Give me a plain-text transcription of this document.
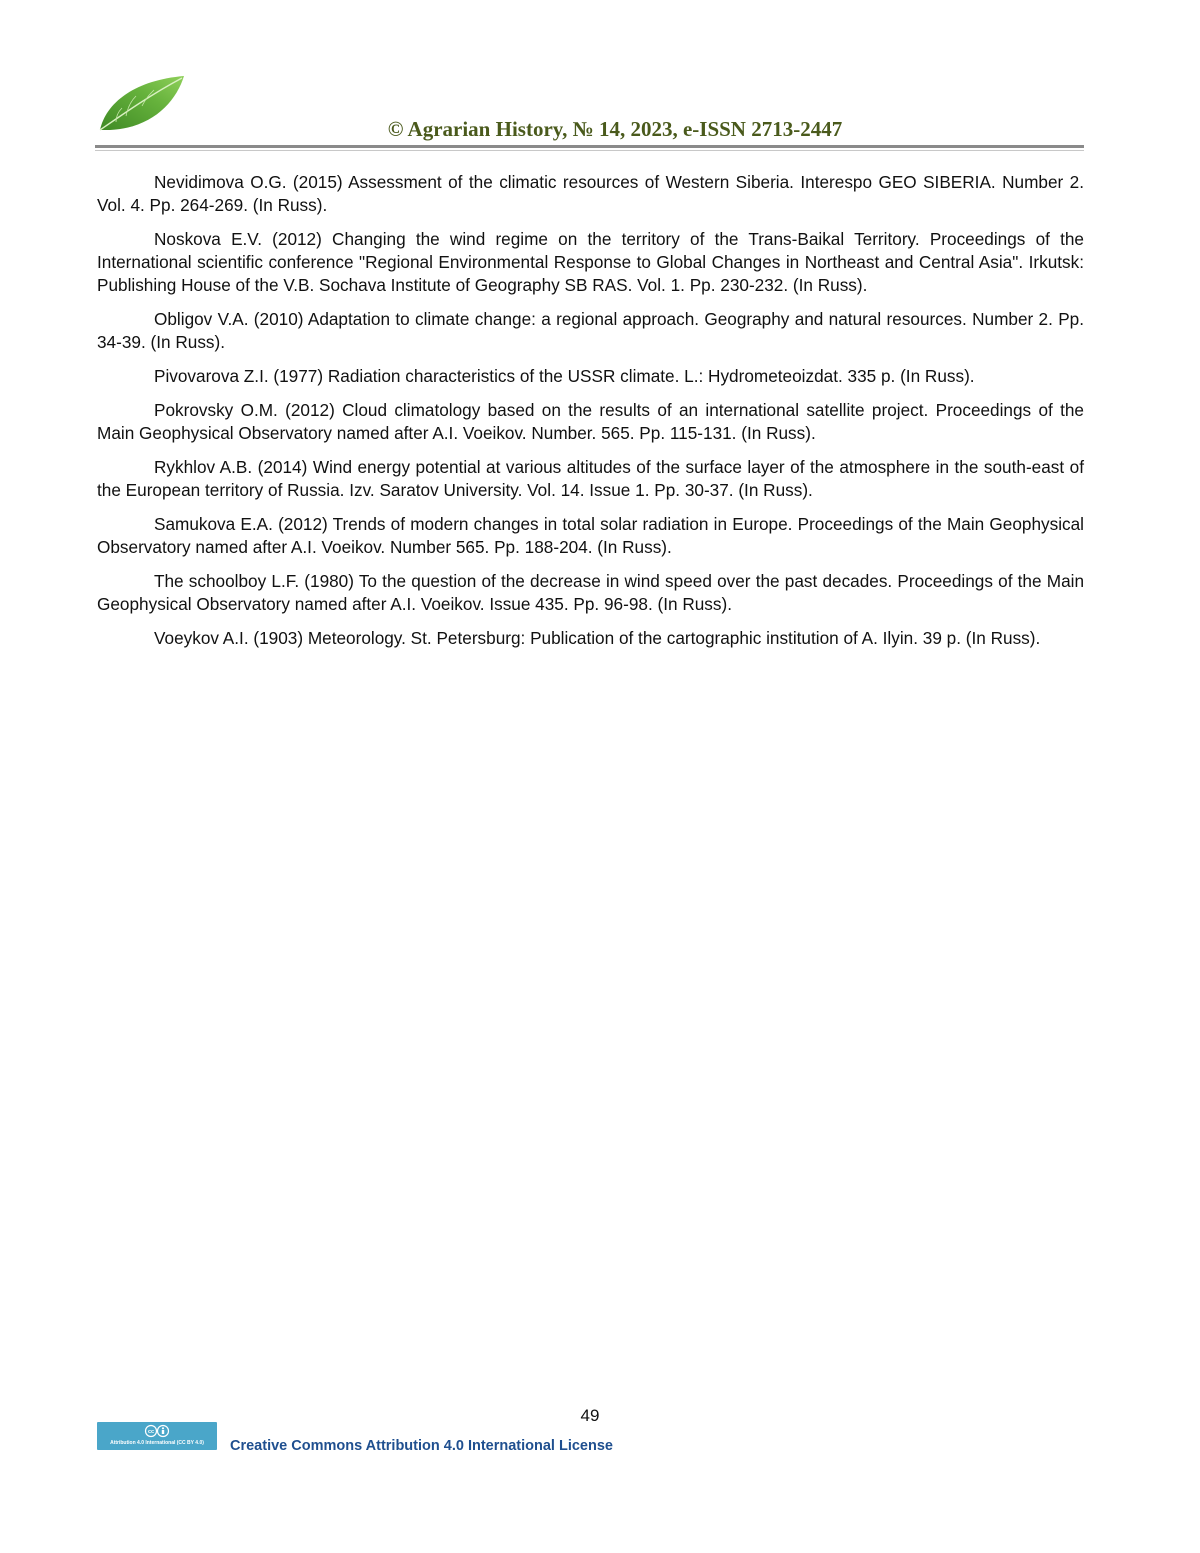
© Agrarian History, № 14, 2023, e-ISSN 2713-2447

Nevidimova O.G. (2015) Assessment of the climatic resources of Western Siberia. Interespo GEO SIBERIA. Number 2. Vol. 4. Pp. 264-269. (In Russ).

Noskova E.V. (2012) Changing the wind regime on the territory of the Trans-Baikal Territory. Proceedings of the International scientific conference "Regional Environmental Response to Global Changes in Northeast and Central Asia". Irkutsk: Publishing House of the V.B. Sochava Institute of Geography SB RAS. Vol. 1. Pp. 230-232. (In Russ).

Obligov V.A. (2010) Adaptation to climate change: a regional approach. Geography and natural resources. Number 2. Pp. 34-39. (In Russ).

Pivovarova Z.I. (1977) Radiation characteristics of the USSR climate. L.: Hydrometeoizdat. 335 p. (In Russ).

Pokrovsky O.M. (2012) Cloud climatology based on the results of an international satellite project. Proceedings of the Main Geophysical Observatory named after A.I. Voeikov. Number. 565. Pp. 115-131. (In Russ).

Rykhlov A.B. (2014) Wind energy potential at various altitudes of the surface layer of the atmosphere in the south-east of the European territory of Russia. Izv. Saratov University. Vol. 14. Issue 1. Pp. 30-37. (In Russ).

Samukova E.A. (2012) Trends of modern changes in total solar radiation in Europe. Proceedings of the Main Geophysical Observatory named after A.I. Voeikov. Number 565. Pp. 188-204. (In Russ).

The schoolboy L.F. (1980) To the question of the decrease in wind speed over the past decades. Proceedings of the Main Geophysical Observatory named after A.I. Voeikov. Issue 435. Pp. 96-98. (In Russ).

Voeykov A.I. (1903) Meteorology. St. Petersburg: Publication of the cartographic institution of A. Ilyin. 39 p. (In Russ).

49
cc
Attribution 4.0 International (CC BY 4.0)	Creative Commons Attribution 4.0 International License
